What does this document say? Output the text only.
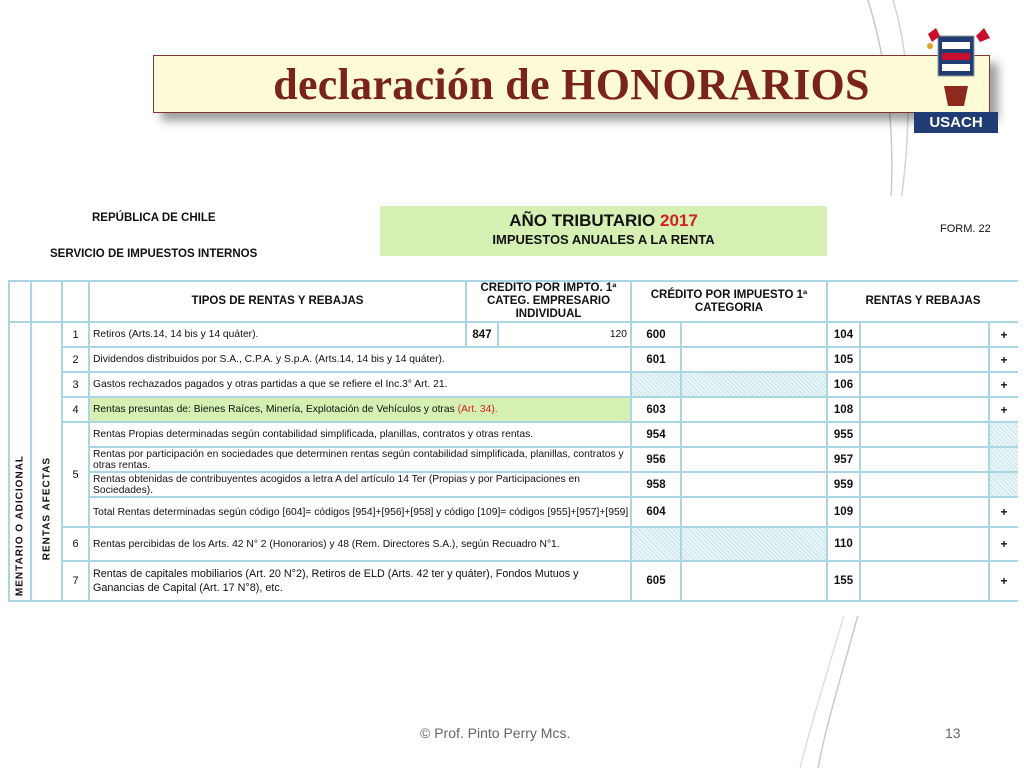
declaración de HONORARIOS
USACH
REPÚBLICA DE CHILE
SERVICIO DE IMPUESTOS INTERNOS
AÑO TRIBUTARIO 2017
IMPUESTOS ANUALES A LA RENTA
FORM. 22
			TIPOS DE RENTAS Y REBAJAS	CRÉDITO POR IMPTO. 1ª CATEG. EMPRESARIO INDIVIDUAL		CRÉDITO POR IMPUESTO 1ª CATEGORIA		RENTAS Y REBAJAS		

MENTARIO O ADICIONAL	RENTAS AFECTAS	1	Retiros (Arts.14, 14 bis y 14 quáter).	847	120	600		104		+
		2	Dividendos distribuidos por S.A., C.P.A. y S.p.A. (Arts.14, 14 bis y 14 quáter).			601		105		+
		3	Gastos rechazados pagados y otras partidas a que se refiere el Inc.3° Art. 21.					106		+
		4	Rentas presuntas de: Bienes Raíces, Minería, Explotación de Vehículos y otras (Art. 34).			603		108		+
		5	Rentas Propias determinadas según contabilidad simplificada, planillas, contratos y otras rentas.			954		955		
			Rentas por participación en sociedades que determinen rentas según contabilidad simplificada, planillas, contratos y otras rentas.			956		957		
			Rentas obtenidas de contribuyentes acogidos a letra A del artículo 14 Ter (Propias y por Participaciones en Sociedades).			958		959		
			Total Rentas determinadas según código [604]= códigos [954]+[956]+[958] y código [109]= códigos [955]+[957]+[959]			604		109		+
		6	Rentas percibidas de los Arts. 42 N° 2 (Honorarios) y 48 (Rem. Directores S.A.), según Recuadro N°1.					110		+
		7	Rentas de capitales mobiliarios (Art. 20 N°2), Retiros de ELD (Arts. 42 ter y quáter), Fondos Mutuos y Ganancias de Capital (Art. 17 N°8), etc.			605		155		+
© Prof. Pinto Perry Mcs.	13
